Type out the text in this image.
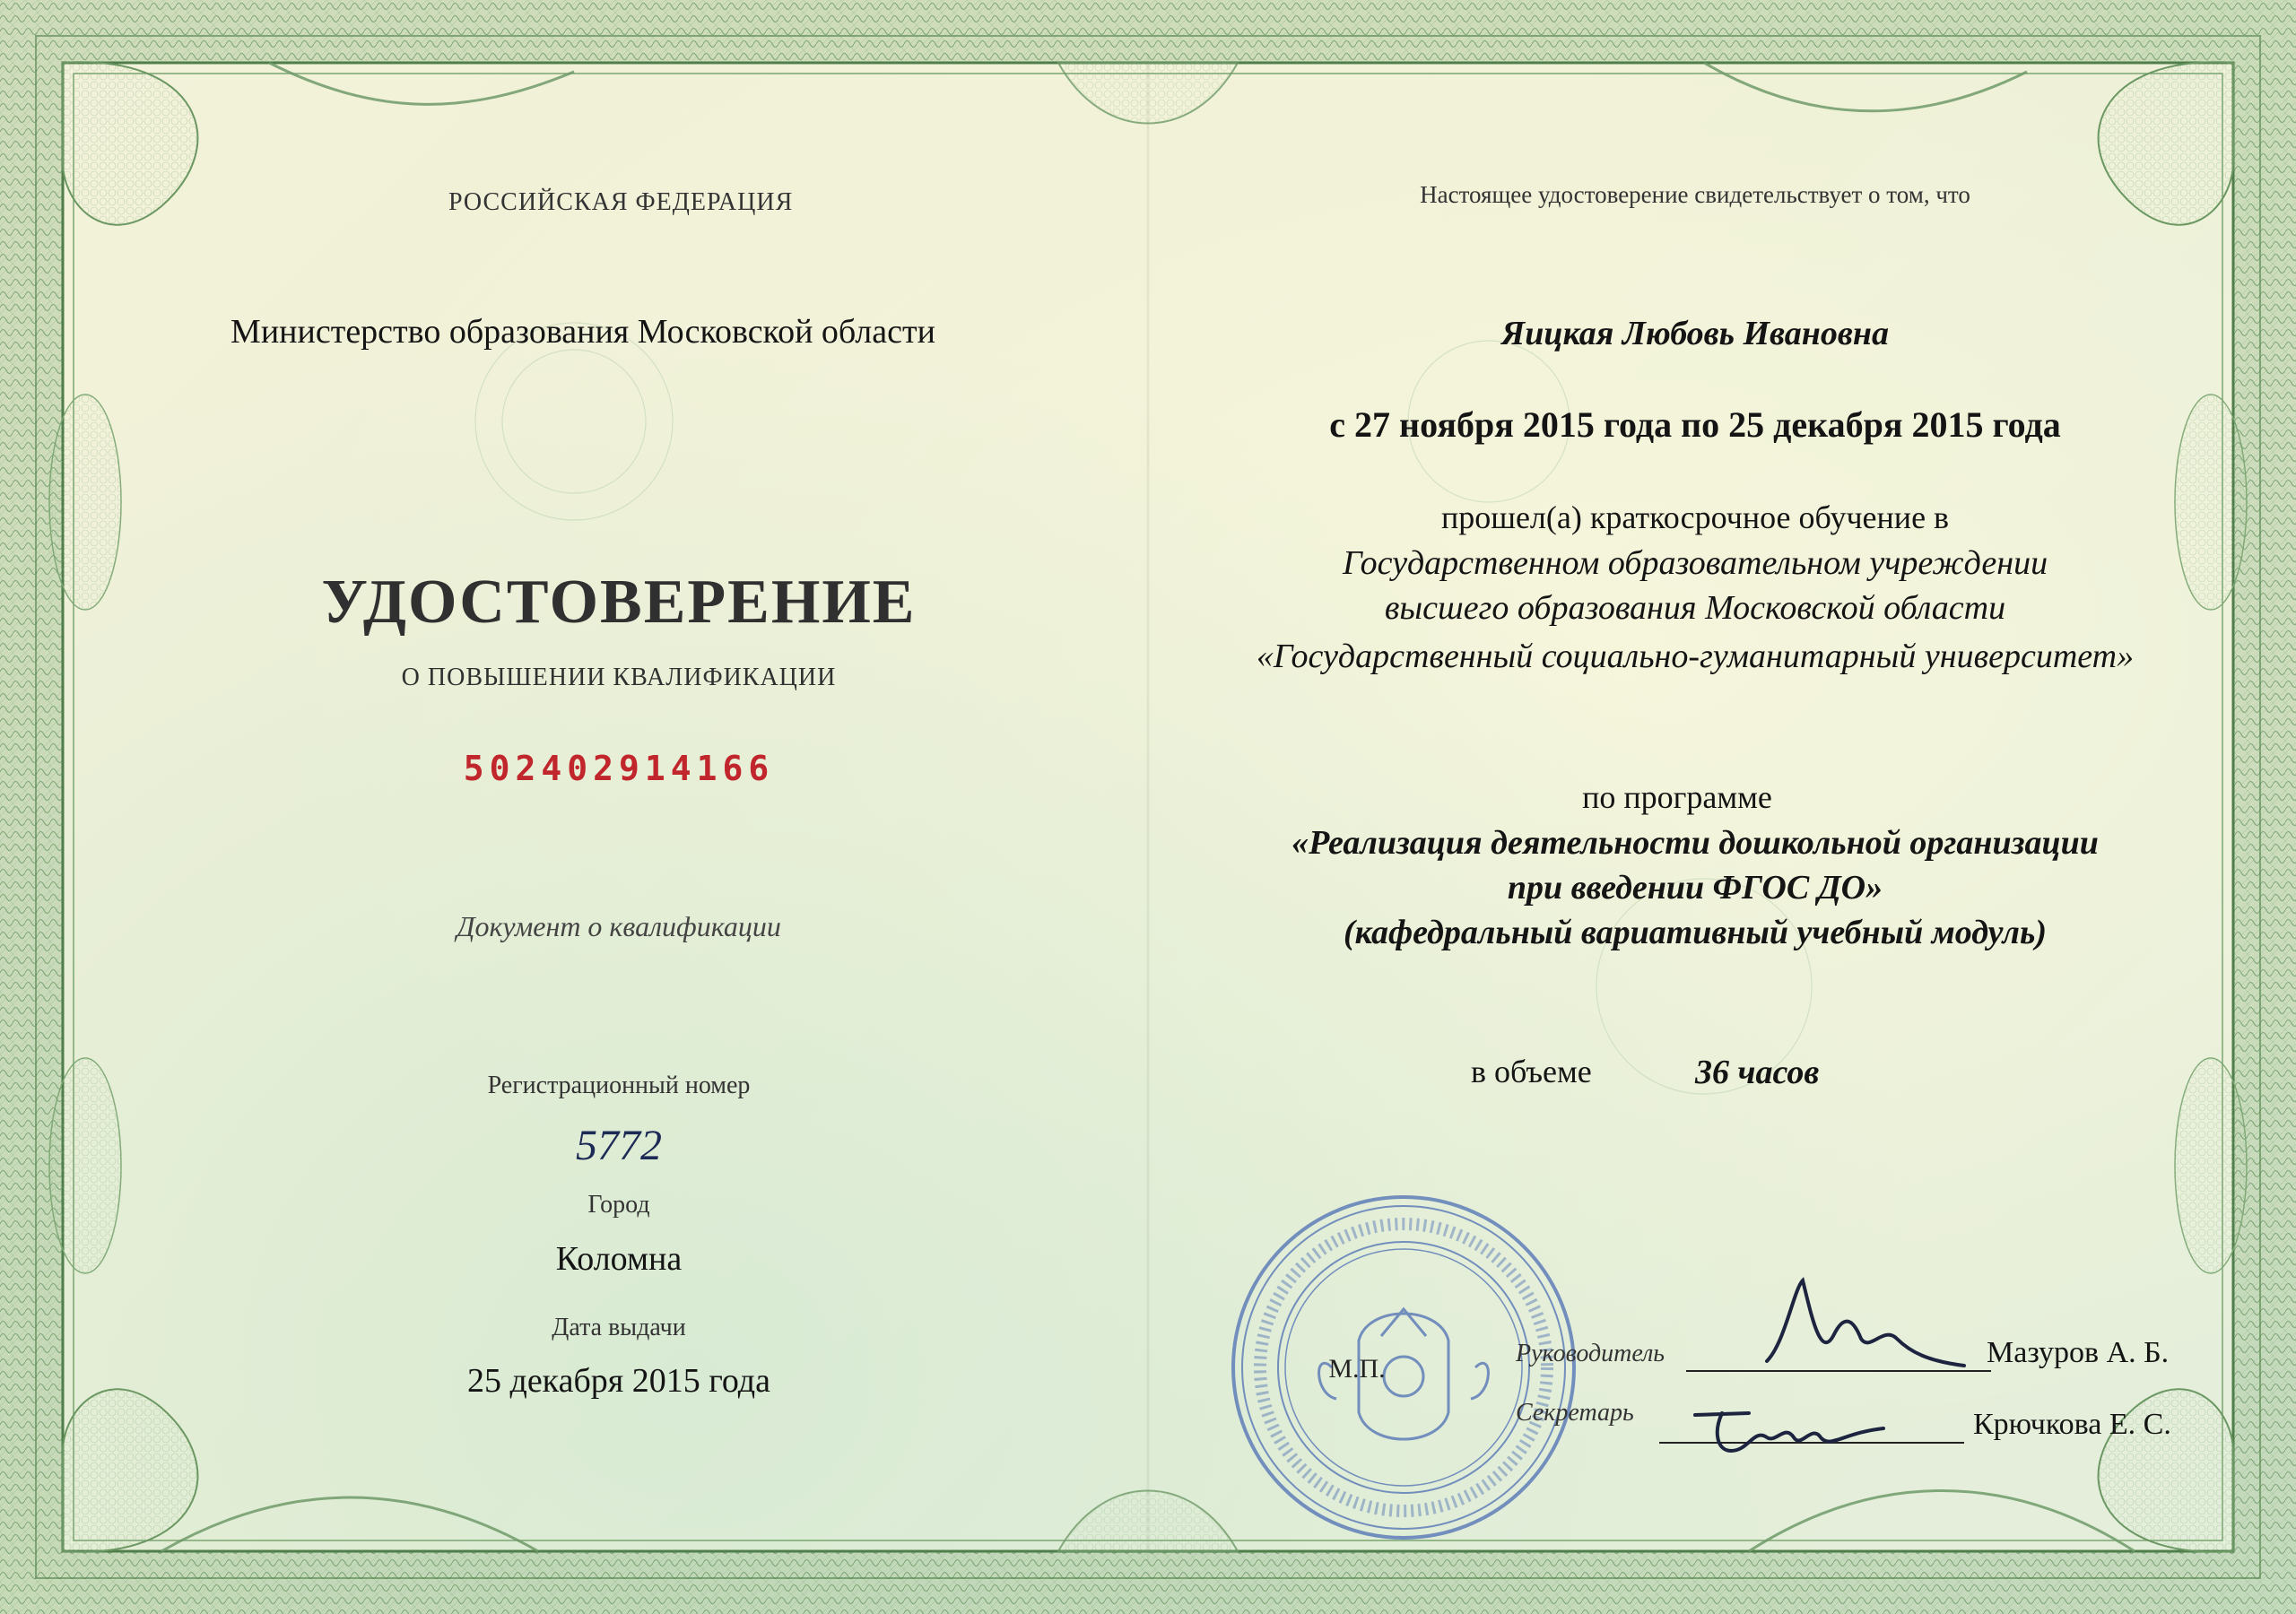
РОССИЙСКАЯ ФЕДЕРАЦИЯ
Министерство образования Московской области
УДОСТОВЕРЕНИЕ
О ПОВЫШЕНИИ КВАЛИФИКАЦИИ
502402914166
Документ о квалификации
Регистрационный номер
5772
Город
Коломна
Дата выдачи
25 декабря 2015 года
Настоящее удостоверение свидетельствует о том, что
Яицкая Любовь Ивановна
с 27 ноября 2015 года по 25 декабря 2015 года
прошел(а) краткосрочное обучение в
Государственном образовательном учреждении
высшего образования Московской области
«Государственный социально-гуманитарный университет»
по программе
«Реализация деятельности дошкольной организации
при введении ФГОС ДО»
(кафедральный вариативный учебный модуль)
в объеме	36 часов
М.П.
Руководитель	Мазуров А. Б.
Секретарь	Крючкова Е. С.
